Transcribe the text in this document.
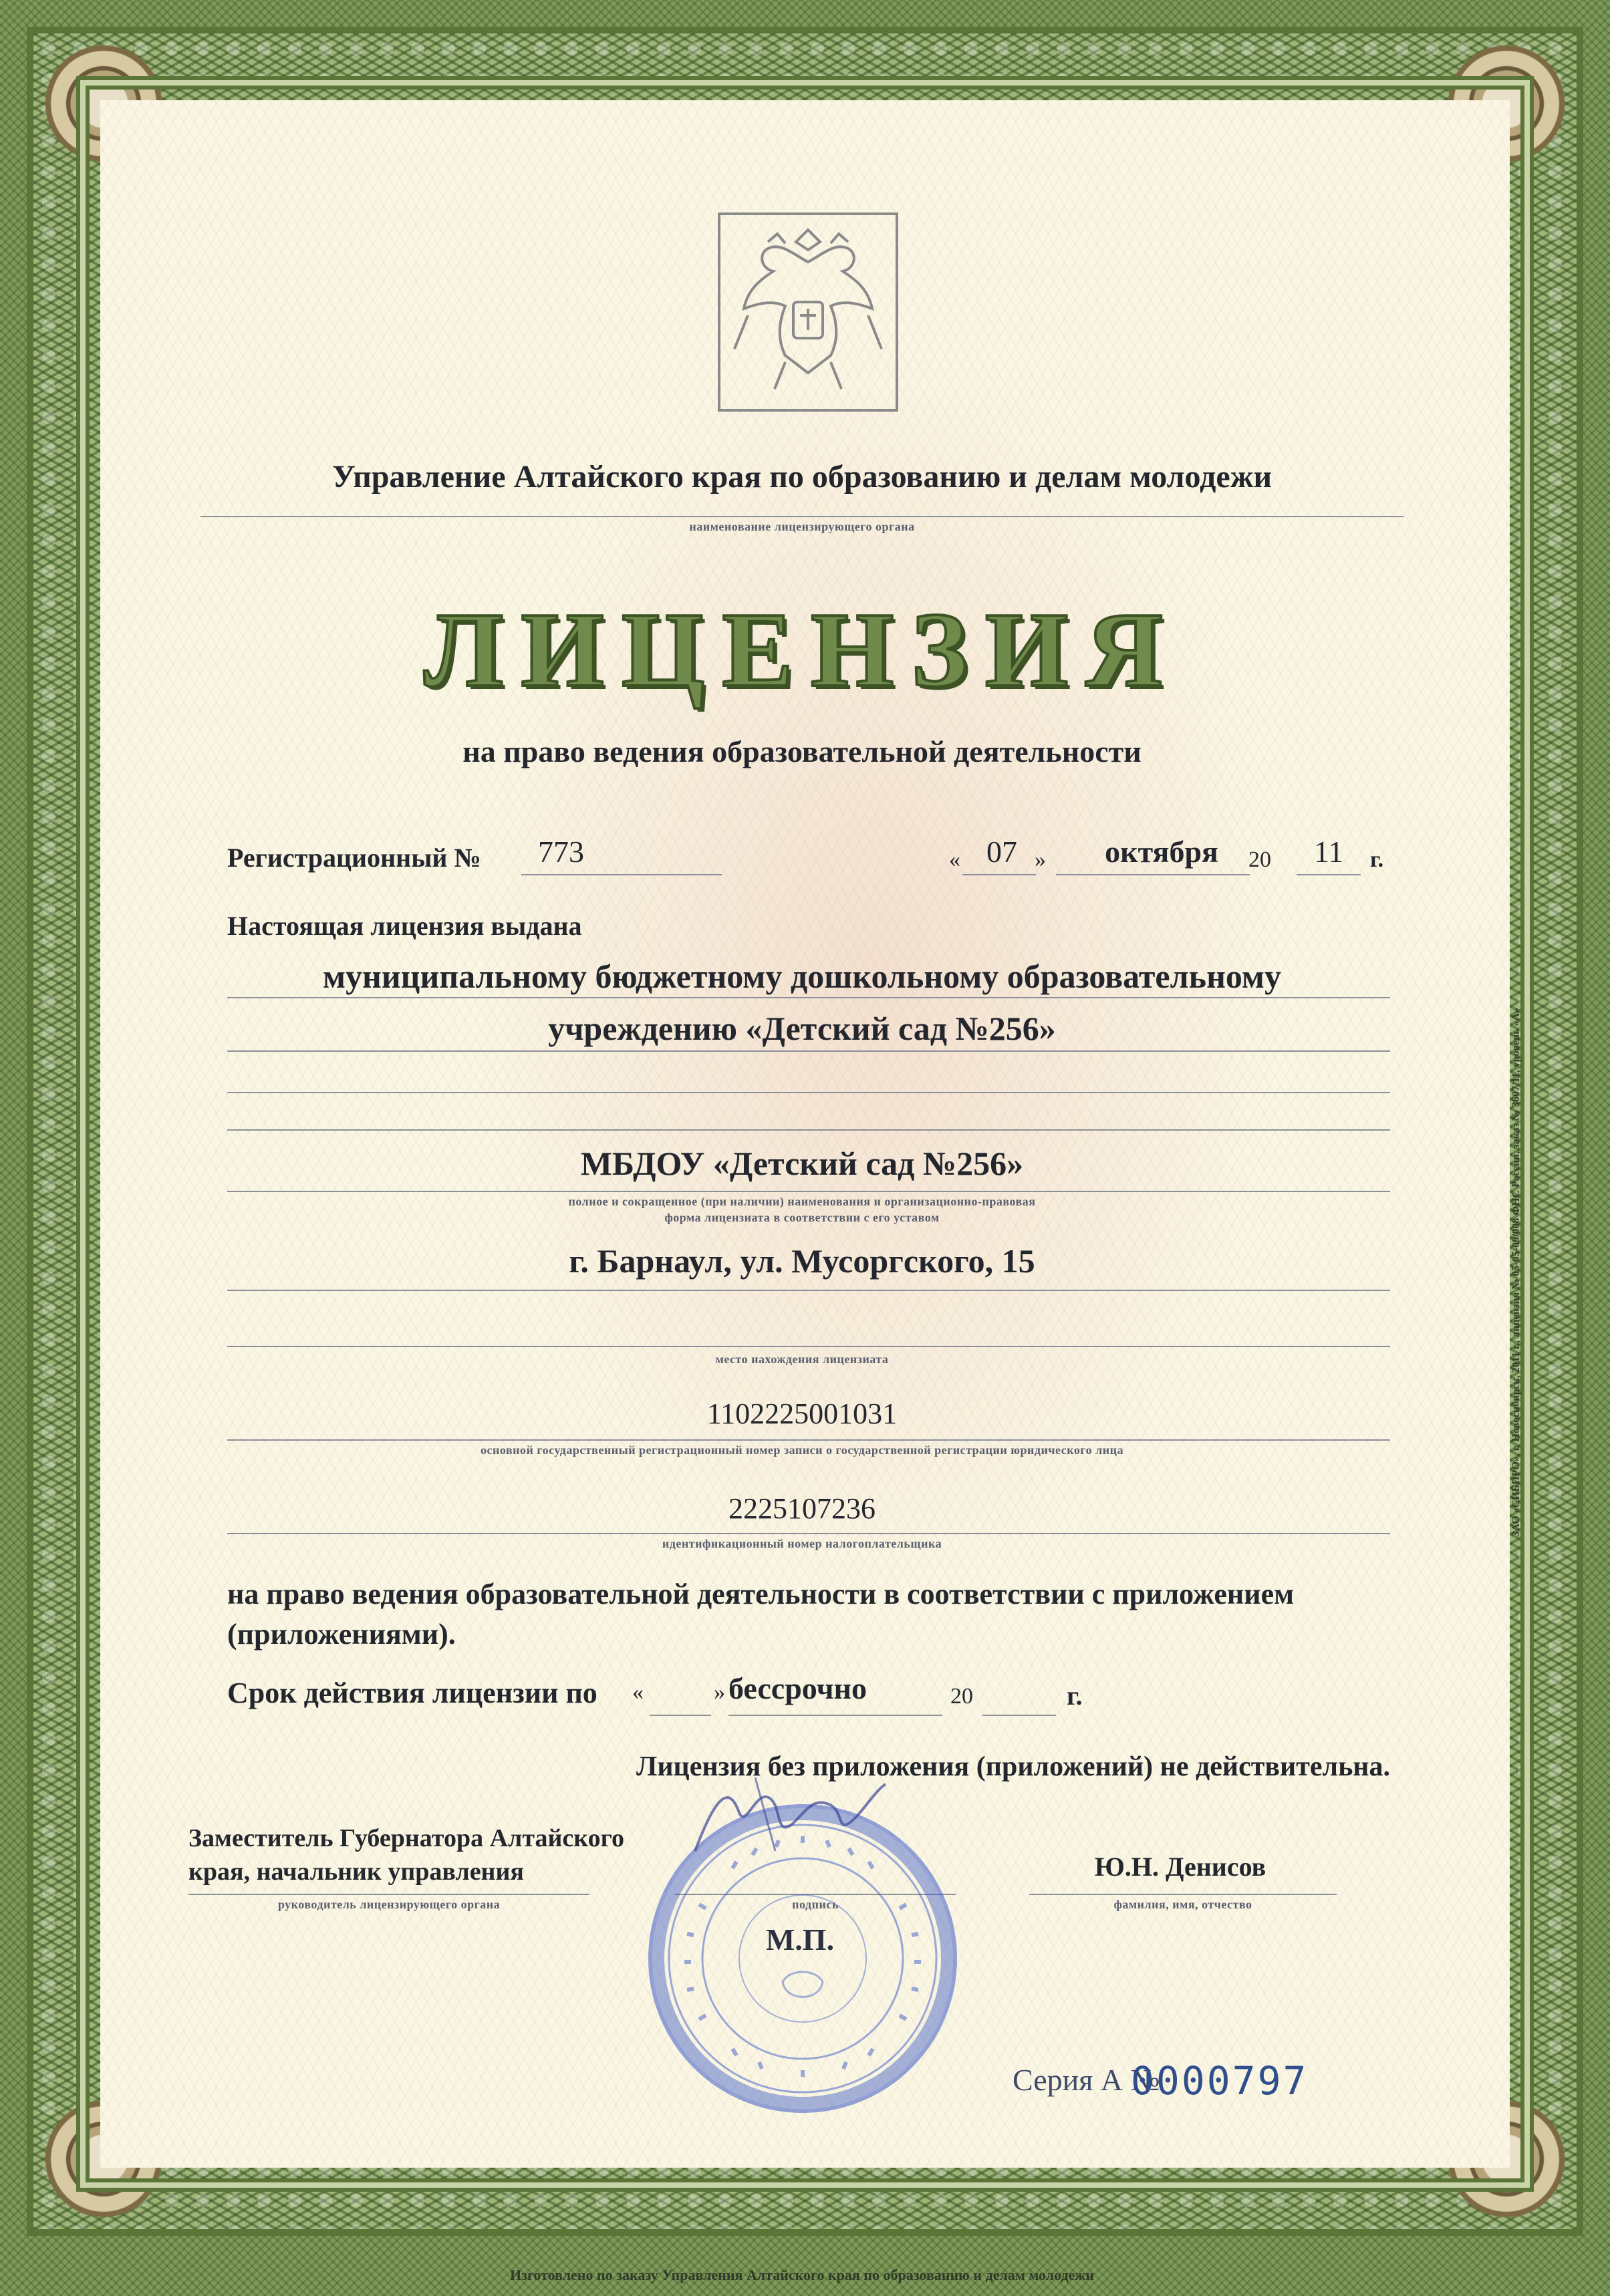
Управление Алтайского края по образованию и делам молодежи
наименование лицензирующего органа
ЛИЦЕНЗИЯ
на право ведения образовательной деятельности
Регистрационный № 773	« 07 »	октября	20 11 г.
Настоящая лицензия выдана
муниципальному бюджетному дошкольному образовательному
учреждению «Детский сад №256»
МБДОУ «Детский сад №256»
полное и сокращенное (при наличии) наименования и организационно-правовая
форма лицензиата в соответствии с его уставом
г. Барнаул, ул. Мусоргского, 15
место нахождения лицензиата
1102225001031
основной государственный регистрационный номер записи о государственной регистрации юридического лица
2225107236
идентификационный номер налогоплательщика
на право ведения образовательной деятельности в соответствии с приложением
(приложениями).
Срок действия лицензии по «	» бессрочно	20	г.
Лицензия без приложения (приложений) не действительна.
Заместитель Губернатора Алтайского
края, начальник управления
руководитель лицензирующего органа	подпись
Ю.Н. Денисов
фамилия, имя, отчество
М.П.
Серия А №
0000797
ЗАО «СИБПРО», г. Новосибирск, 2011 г., лицензия № 05-05-09/008 ФНС России, заказ № 3607/11, уровень «А»
Изготовлено по заказу Управления Алтайского края по образованию и делам молодежи
